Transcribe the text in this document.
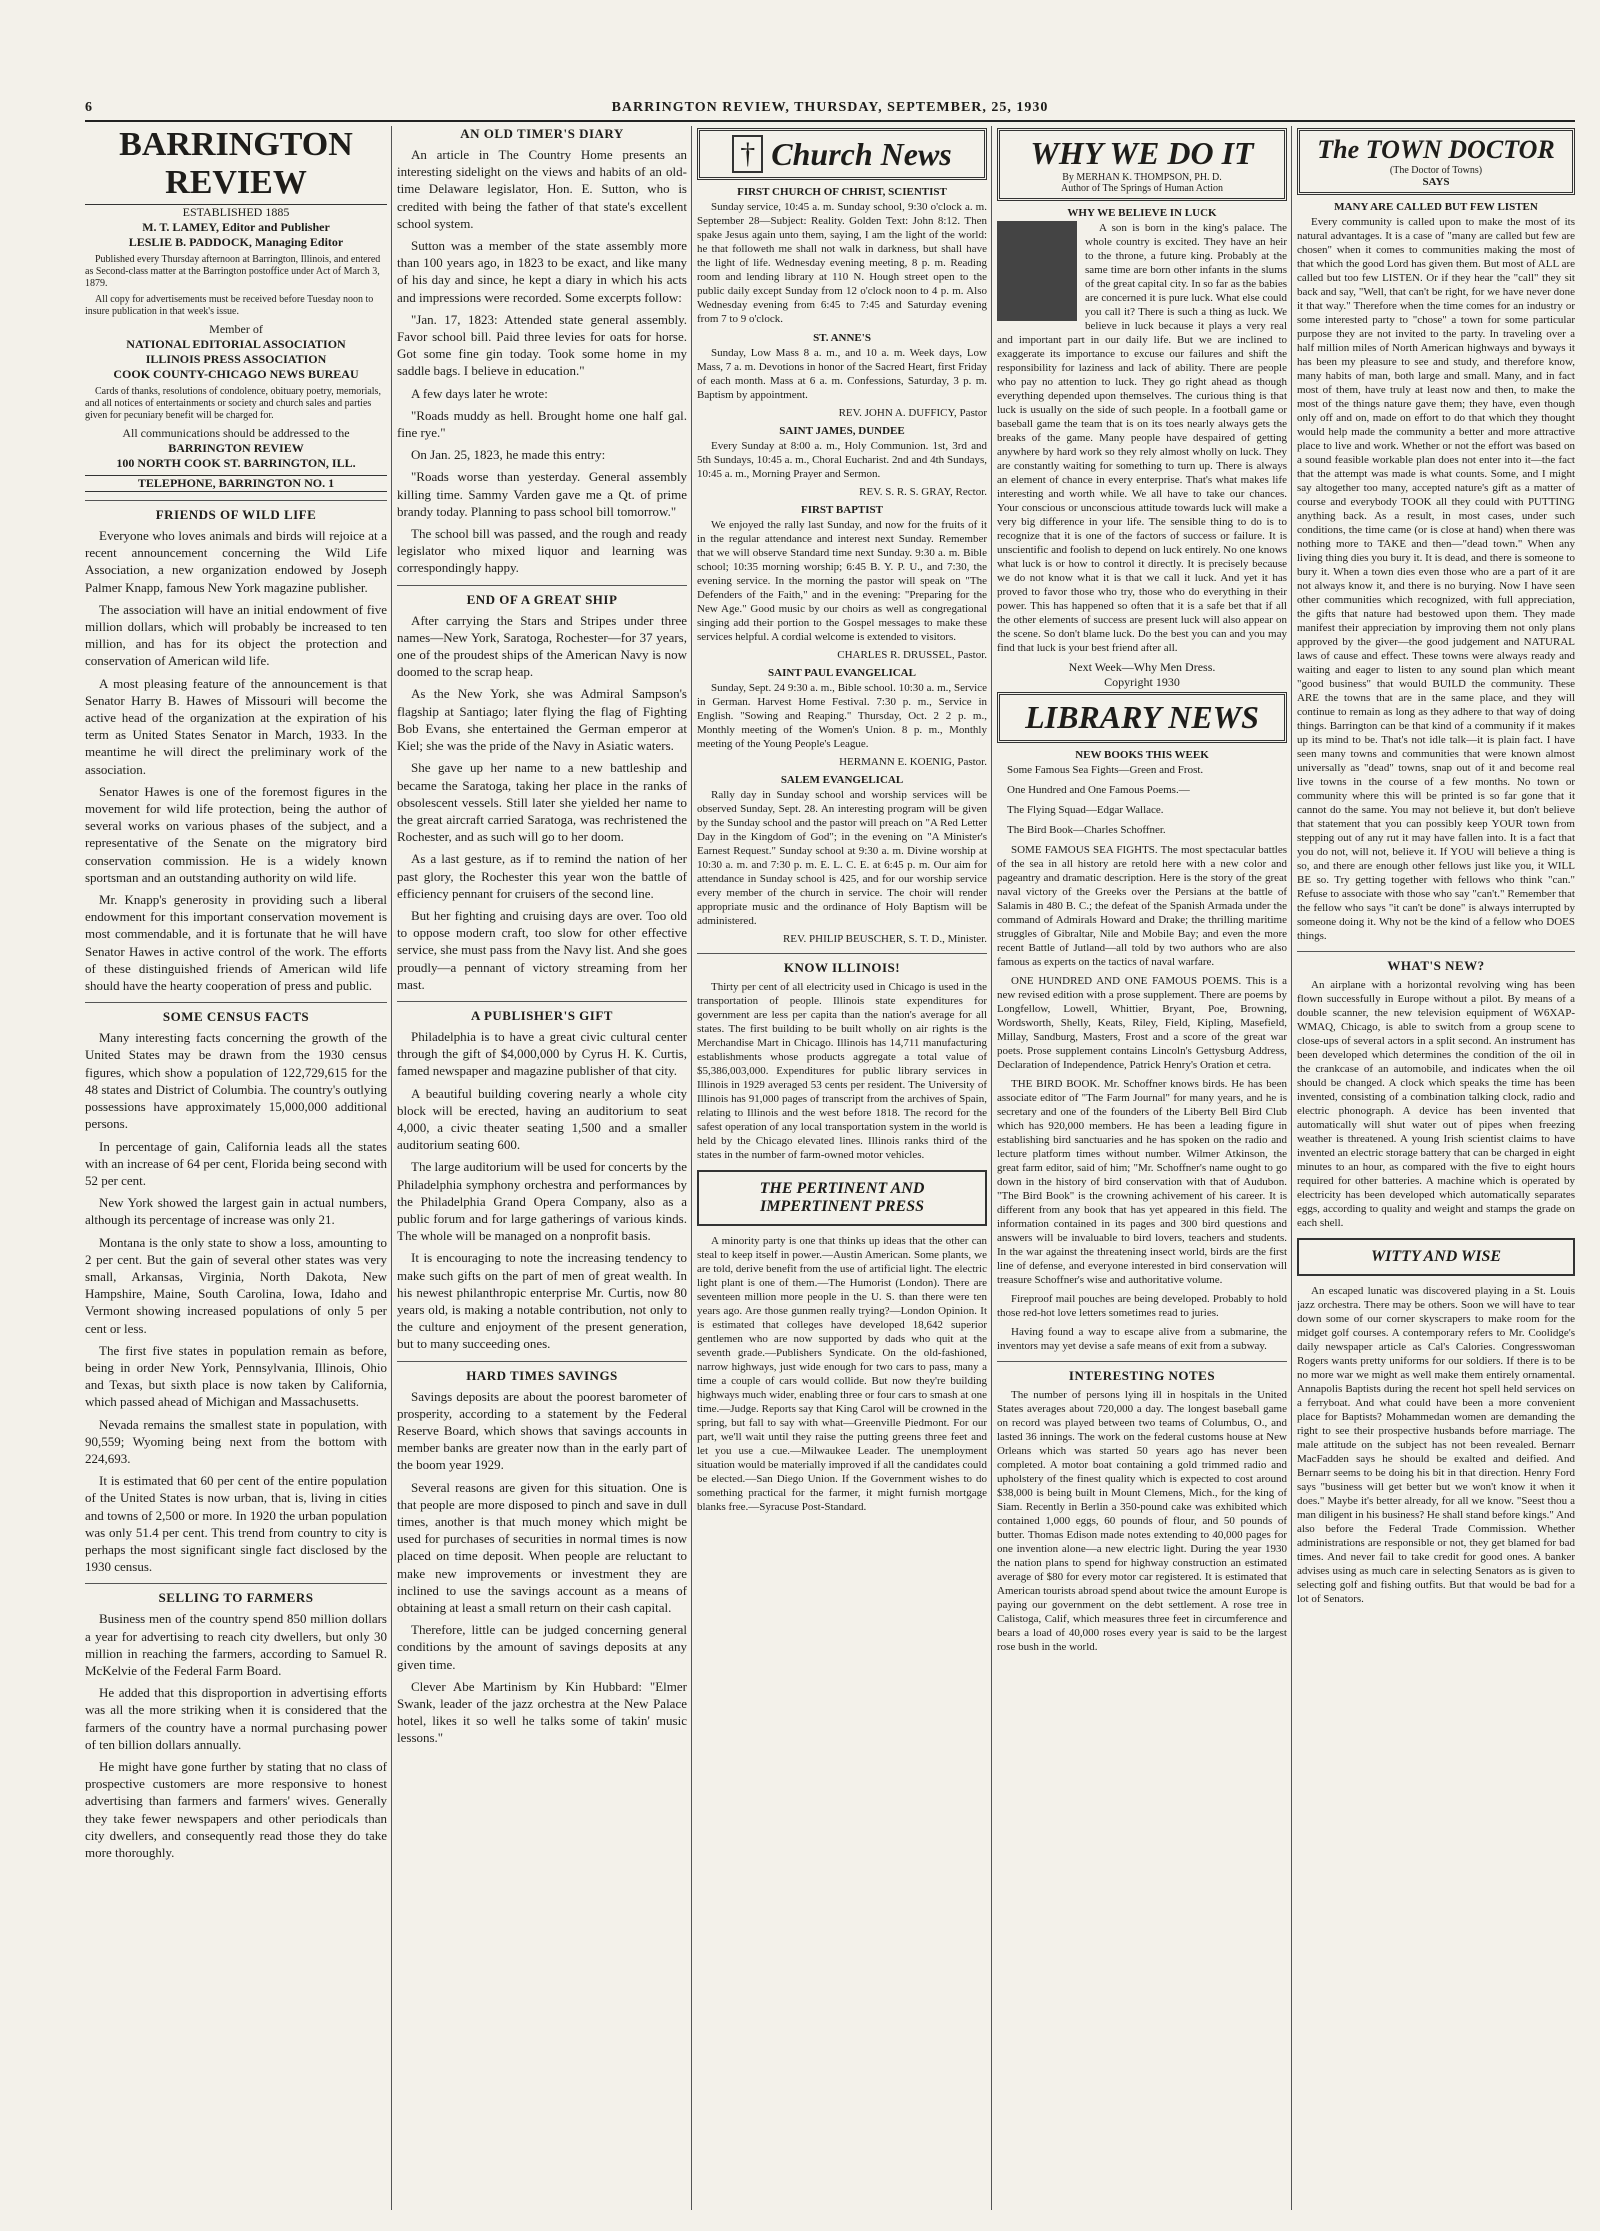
6	BARRINGTON REVIEW, THURSDAY, SEPTEMBER, 25, 1930
BARRINGTON REVIEW
ESTABLISHED 1885
M. T. LAMEY, Editor and Publisher
LESLIE B. PADDOCK, Managing Editor
Published every Thursday afternoon at Barrington, Illinois, and entered as Second-class matter at the Barrington postoffice under Act of March 3, 1879.
All copy for advertisements must be received before Tuesday noon to insure publication in that week's issue.
Member of
NATIONAL EDITORIAL ASSOCIATION
ILLINOIS PRESS ASSOCIATION
COOK COUNTY-CHICAGO NEWS BUREAU
Cards of thanks, resolutions of condolence, obituary poetry, memorials, and all notices of entertainments or society and church sales and parties given for pecuniary benefit will be charged for.
All communications should be addressed to the
BARRINGTON REVIEW
100 NORTH COOK ST. BARRINGTON, ILL.
TELEPHONE, BARRINGTON NO. 1
FRIENDS OF WILD LIFE

Everyone who loves animals and birds will rejoice at a recent announcement concerning the Wild Life Association, a new organization endowed by Joseph Palmer Knapp, famous New York magazine publisher.

The association will have an initial endowment of five million dollars, which will probably be increased to ten million, and has for its object the protection and conservation of American wild life.

A most pleasing feature of the announcement is that Senator Harry B. Hawes of Missouri will become the active head of the organization at the expiration of his term as United States Senator in March, 1933. In the meantime he will direct the preliminary work of the association.

Senator Hawes is one of the foremost figures in the movement for wild life protection, being the author of several works on various phases of the subject, and a representative of the Senate on the migratory bird conservation commission. He is a widely known sportsman and an outstanding authority on wild life.

Mr. Knapp's generosity in providing such a liberal endowment for this important conservation movement is most commendable, and it is fortunate that he will have Senator Hawes in active control of the work. The efforts of these distinguished friends of American wild life should have the hearty cooperation of press and public.

SOME CENSUS FACTS

Many interesting facts concerning the growth of the United States may be drawn from the 1930 census figures, which show a population of 122,729,615 for the 48 states and District of Columbia. The country's outlying possessions have approximately 15,000,000 additional persons.

In percentage of gain, California leads all the states with an increase of 64 per cent, Florida being second with 52 per cent.

New York showed the largest gain in actual numbers, although its percentage of increase was only 21.

Montana is the only state to show a loss, amounting to 2 per cent. But the gain of several other states was very small, Arkansas, Virginia, North Dakota, New Hampshire, Maine, South Carolina, Iowa, Idaho and Vermont showing increased populations of only 5 per cent or less.

The first five states in population remain as before, being in order New York, Pennsylvania, Illinois, Ohio and Texas, but sixth place is now taken by California, which passed ahead of Michigan and Massachusetts.

Nevada remains the smallest state in population, with 90,559; Wyoming being next from the bottom with 224,693.

It is estimated that 60 per cent of the entire population of the United States is now urban, that is, living in cities and towns of 2,500 or more. In 1920 the urban population was only 51.4 per cent. This trend from country to city is perhaps the most significant single fact disclosed by the 1930 census.

SELLING TO FARMERS

Business men of the country spend 850 million dollars a year for advertising to reach city dwellers, but only 30 million in reaching the farmers, according to Samuel R. McKelvie of the Federal Farm Board.

He added that this disproportion in advertising efforts was all the more striking when it is considered that the farmers of the country have a normal purchasing power of ten billion dollars annually.

He might have gone further by stating that no class of prospective customers are more responsive to honest advertising than farmers and farmers' wives. Generally they take fewer newspapers and other periodicals than city dwellers, and consequently read those they do take more thoroughly.

AN OLD TIMER'S DIARY

An article in The Country Home presents an interesting sidelight on the views and habits of an old-time Delaware legislator, Hon. E. Sutton, who is credited with being the father of that state's excellent school system.

Sutton was a member of the state assembly more than 100 years ago, in 1823 to be exact, and like many of his day and since, he kept a diary in which his acts and impressions were recorded. Some excerpts follow:

"Jan. 17, 1823: Attended state general assembly. Favor school bill. Paid three levies for oats for horse. Got some fine gin today. Took some home in my saddle bags. I believe in education."

A few days later he wrote:

"Roads muddy as hell. Brought home one half gal. fine rye."

On Jan. 25, 1823, he made this entry:

"Roads worse than yesterday. General assembly killing time. Sammy Varden gave me a Qt. of prime brandy today. Planning to pass school bill tomorrow."

The school bill was passed, and the rough and ready legislator who mixed liquor and learning was correspondingly happy.

END OF A GREAT SHIP

After carrying the Stars and Stripes under three names—New York, Saratoga, Rochester—for 37 years, one of the proudest ships of the American Navy is now doomed to the scrap heap.

As the New York, she was Admiral Sampson's flagship at Santiago; later flying the flag of Fighting Bob Evans, she entertained the German emperor at Kiel; she was the pride of the Navy in Asiatic waters.

She gave up her name to a new battleship and became the Saratoga, taking her place in the ranks of obsolescent vessels. Still later she yielded her name to the great aircraft carried Saratoga, was rechristened the Rochester, and as such will go to her doom.

As a last gesture, as if to remind the nation of her past glory, the Rochester this year won the battle of efficiency pennant for cruisers of the second line.

But her fighting and cruising days are over. Too old to oppose modern craft, too slow for other effective service, she must pass from the Navy list. And she goes proudly—a pennant of victory streaming from her mast.

A PUBLISHER'S GIFT

Philadelphia is to have a great civic cultural center through the gift of $4,000,000 by Cyrus H. K. Curtis, famed newspaper and magazine publisher of that city.

A beautiful building covering nearly a whole city block will be erected, having an auditorium to seat 4,000, a civic theater seating 1,500 and a smaller auditorium seating 600.

The large auditorium will be used for concerts by the Philadelphia symphony orchestra and performances by the Philadelphia Grand Opera Company, also as a public forum and for large gatherings of various kinds. The whole will be managed on a nonprofit basis.

It is encouraging to note the increasing tendency to make such gifts on the part of men of great wealth. In his newest philanthropic enterprise Mr. Curtis, now 80 years old, is making a notable contribution, not only to the culture and enjoyment of the present generation, but to many succeeding ones.

HARD TIMES SAVINGS

Savings deposits are about the poorest barometer of prosperity, according to a statement by the Federal Reserve Board, which shows that savings accounts in member banks are greater now than in the early part of the boom year 1929.

Several reasons are given for this situation. One is that people are more disposed to pinch and save in dull times, another is that much money which might be used for purchases of securities in normal times is now placed on time deposit. When people are reluctant to make new improvements or investment they are inclined to use the savings account as a means of obtaining at least a small return on their cash capital.

Therefore, little can be judged concerning general conditions by the amount of savings deposits at any given time.

Clever Abe Martinism by Kin Hubbard: "Elmer Swank, leader of the jazz orchestra at the New Palace hotel, likes it so well he talks some of takin' music lessons."

† Church News
FIRST CHURCH OF CHRIST, SCIENTIST

Sunday service, 10:45 a. m. Sunday school, 9:30 o'clock a. m. September 28—Subject: Reality. Golden Text: John 8:12. Then spake Jesus again unto them, saying, I am the light of the world: he that followeth me shall not walk in darkness, but shall have the light of life. Wednesday evening meeting, 8 p. m. Reading room and lending library at 110 N. Hough street open to the public daily except Sunday from 12 o'clock noon to 4 p. m. Also Wednesday evening from 6:45 to 7:45 and Saturday evening from 7 to 9 o'clock.

ST. ANNE'S

Sunday, Low Mass 8 a. m., and 10 a. m. Week days, Low Mass, 7 a. m. Devotions in honor of the Sacred Heart, first Friday of each month. Mass at 6 a. m. Confessions, Saturday, 3 p. m. Baptism by appointment.

REV. JOHN A. DUFFICY, Pastor
SAINT JAMES, DUNDEE

Every Sunday at 8:00 a. m., Holy Communion. 1st, 3rd and 5th Sundays, 10:45 a. m., Choral Eucharist. 2nd and 4th Sundays, 10:45 a. m., Morning Prayer and Sermon.

REV. S. R. S. GRAY, Rector.
FIRST BAPTIST

We enjoyed the rally last Sunday, and now for the fruits of it in the regular attendance and interest next Sunday. Remember that we will observe Standard time next Sunday. 9:30 a. m. Bible school; 10:35 morning worship; 6:45 B. Y. P. U., and 7:30, the evening service. In the morning the pastor will speak on "The Defenders of the Faith," and in the evening: "Preparing for the New Age." Good music by our choirs as well as congregational singing add their portion to the Gospel messages to make these services helpful. A cordial welcome is extended to visitors.

CHARLES R. DRUSSEL, Pastor.
SAINT PAUL EVANGELICAL

Sunday, Sept. 24 9:30 a. m., Bible school. 10:30 a. m., Service in German. Harvest Home Festival. 7:30 p. m., Service in English. "Sowing and Reaping." Thursday, Oct. 2 2 p. m., Monthly meeting of the Women's Union. 8 p. m., Monthly meeting of the Young People's League.

HERMANN E. KOENIG, Pastor.
SALEM EVANGELICAL

Rally day in Sunday school and worship services will be observed Sunday, Sept. 28. An interesting program will be given by the Sunday school and the pastor will preach on "A Red Letter Day in the Kingdom of God"; in the evening on "A Minister's Earnest Request." Sunday school at 9:30 a. m. Divine worship at 10:30 a. m. and 7:30 p. m. E. L. C. E. at 6:45 p. m. Our aim for attendance in Sunday school is 425, and for our worship service every member of the church in service. The choir will render appropriate music and the ordinance of Holy Baptism will be administered.

REV. PHILIP BEUSCHER, S. T. D., Minister.
KNOW ILLINOIS!

Thirty per cent of all electricity used in Chicago is used in the transportation of people. Illinois state expenditures for government are less per capita than the nation's average for all states. The first building to be built wholly on air rights is the Merchandise Mart in Chicago. Illinois has 14,711 manufacturing establishments whose products aggregate a total value of $5,386,003,000. Expenditures for public library services in Illinois in 1929 averaged 53 cents per resident. The University of Illinois has 91,000 pages of transcript from the archives of Spain, relating to Illinois and the west before 1818. The record for the safest operation of any local transportation system in the world is held by the Chicago elevated lines. Illinois ranks third of the states in the number of farm-owned motor vehicles.

THE PERTINENT AND IMPERTINENT PRESS

A minority party is one that thinks up ideas that the other can steal to keep itself in power.—Austin American. Some plants, we are told, derive benefit from the use of artificial light. The electric light plant is one of them.—The Humorist (London). There are seventeen million more people in the U. S. than there were ten years ago. Are those gunmen really trying?—London Opinion. It is estimated that colleges have developed 18,642 superior gentlemen who are now supported by dads who quit at the seventh grade.—Publishers Syndicate. On the old-fashioned, narrow highways, just wide enough for two cars to pass, many a time a couple of cars would collide. But now they're building highways much wider, enabling three or four cars to smash at one time.—Judge. Reports say that King Carol will be crowned in the spring, but fall to say with what—Greenville Piedmont. For our part, we'll wait until they raise the putting greens three feet and let you use a cue.—Milwaukee Leader. The unemployment situation would be materially improved if all the candidates could be elected.—San Diego Union. If the Government wishes to do something practical for the farmer, it might furnish mortgage blanks free.—Syracuse Post-Standard.

WHY WE DO IT
By MERHAN K. THOMPSON, PH. D.
Author of The Springs of Human Action
WHY WE BELIEVE IN LUCK

A son is born in the king's palace. The whole country is excited. They have an heir to the throne, a future king. Probably at the same time are born other infants in the slums of the great capital city. In so far as the babies are concerned it is pure luck. What else could you call it? There is such a thing as luck. We believe in luck because it plays a very real and important part in our daily life. But we are inclined to exaggerate its importance to excuse our failures and shift the responsibility for laziness and lack of ability. There are people who pay no attention to luck. They go right ahead as though everything depended upon themselves. The curious thing is that luck is usually on the side of such people. In a football game or baseball game the team that is on its toes nearly always gets the breaks of the game. Many people have despaired of getting anywhere by hard work so they rely almost wholly on luck. They are constantly waiting for something to turn up. There is always an element of chance in every enterprise. That's what makes life interesting and worth while. We all have to take our chances. Your conscious or unconscious attitude towards luck will make a very big difference in your life. The sensible thing to do is to recognize that it is one of the factors of success or failure. It is unscientific and foolish to depend on luck entirely. No one knows what luck is or how to control it directly. It is precisely because we do not know what it is that we call it luck. And yet it has proved to favor those who try, those who do everything in their power. This has happened so often that it is a safe bet that if all the other elements of success are present luck will also appear on the scene. So don't blame luck. Do the best you can and you may find that luck is your best friend after all.

Next Week—Why Men Dress.
Copyright 1930
LIBRARY NEWS
NEW BOOKS THIS WEEK
Some Famous Sea Fights—Green and Frost.
One Hundred and One Famous Poems.—
The Flying Squad—Edgar Wallace.
The Bird Book—Charles Schoffner.

SOME FAMOUS SEA FIGHTS. The most spectacular battles of the sea in all history are retold here with a new color and pageantry and dramatic description. Here is the story of the great naval victory of the Greeks over the Persians at the battle of Salamis in 480 B. C.; the defeat of the Spanish Armada under the command of Admirals Howard and Drake; the thrilling maritime struggles of Gibraltar, Nile and Mobile Bay; and even the more recent Battle of Jutland—all told by two authors who are also famous as experts on the tactics of naval warfare.

ONE HUNDRED AND ONE FAMOUS POEMS. This is a new revised edition with a prose supplement. There are poems by Longfellow, Lowell, Whittier, Bryant, Poe, Browning, Wordsworth, Shelly, Keats, Riley, Field, Kipling, Masefield, Millay, Sandburg, Masters, Frost and a score of the great war poets. Prose supplement contains Lincoln's Gettysburg Address, Declaration of Independence, Patrick Henry's Oration et cetra.

THE BIRD BOOK. Mr. Schoffner knows birds. He has been associate editor of "The Farm Journal" for many years, and he is secretary and one of the founders of the Liberty Bell Bird Club which has 920,000 members. He has been a leading figure in establishing bird sanctuaries and he has spoken on the radio and lecture platform times without number. Wilmer Atkinson, the great farm editor, said of him; "Mr. Schoffner's name ought to go down in the history of bird conservation with that of Audubon. "The Bird Book" is the crowning achivement of his career. It is different from any book that has yet appeared in this field. The information contained in its pages and 300 bird questions and answers will be invaluable to bird lovers, teachers and students. In the war against the threatening insect world, birds are the first line of defense, and everyone interested in bird conservation will treasure Schoffner's wise and authoritative volume.

Fireproof mail pouches are being developed. Probably to hold those red-hot love letters sometimes read to juries.

Having found a way to escape alive from a submarine, the inventors may yet devise a safe means of exit from a subway.

INTERESTING NOTES

The number of persons lying ill in hospitals in the United States averages about 720,000 a day. The longest baseball game on record was played between two teams of Columbus, O., and lasted 36 innings. The work on the federal customs house at New Orleans which was started 50 years ago has never been completed. A motor boat containing a gold trimmed radio and upholstery of the finest quality which is expected to cost around $38,000 is being built in Mount Clemens, Mich., for the king of Siam. Recently in Berlin a 350-pound cake was exhibited which contained 1,000 eggs, 60 pounds of flour, and 50 pounds of butter. Thomas Edison made notes extending to 40,000 pages for one invention alone—a new electric light. During the year 1930 the nation plans to spend for highway construction an estimated average of $80 for every motor car registered. It is estimated that American tourists abroad spend about twice the amount Europe is paying our government on the debt settlement. A rose tree in Calistoga, Calif, which measures three feet in circumference and bears a load of 40,000 roses every year is said to be the largest rose bush in the world.

The TOWN DOCTOR
(The Doctor of Towns)
SAYS
MANY ARE CALLED BUT FEW LISTEN

Every community is called upon to make the most of its natural advantages. It is a case of "many are called but few are chosen" when it comes to communities making the most of that which the good Lord has given them. But most of ALL are called but too few LISTEN. Or if they hear the "call" they sit back and say, "Well, that can't be right, for we have never done it that way." Therefore when the time comes for an industry or some interested party to "chose" a town for some particular purpose they are not invited to the party. In traveling over a half million miles of North American highways and byways it has been my pleasure to see and study, and therefore know, many habits of man, both large and small. Many, and in fact most of them, have truly at least now and then, to make the most of the things nature gave them; they have, even though only off and on, made on effort to do that which they thought would help made the community a better and more attractive place to live and work. Whether or not the effort was based on a sound feasible workable plan does not enter into it—the fact that the attempt was made is what counts. Some, and I might say altogether too many, accepted nature's gift as a matter of course and everybody TOOK all they could with PUTTING anything back. As a result, in most cases, under such conditions, the time came (or is close at hand) when there was nothing more to TAKE and then—"dead town." When any living thing dies you bury it. It is dead, and there is someone to bury it. When a town dies even those who are a part of it are not always know it, and there is no burying. Now I have seen other communities which recognized, with full appreciation, the gifts that nature had bestowed upon them. They made manifest their appreciation by improving them not only plans approved by the giver—the good judgement and NATURAL laws of cause and effect. These towns were always ready and waiting and eager to listen to any sound plan which meant "good business" that would BUILD the community. These ARE the towns that are in the same place, and they will continue to remain as long as they adhere to that way of doing things. Barrington can be that kind of a community if it makes up its mind to be. That's not idle talk—it is plain fact. I have seen many towns and communities that were known almost universally as "dead" towns, snap out of it and become real live towns in the course of a few months. No town or community where this will be printed is so far gone that it cannot do the same. You may not believe it, but don't believe that statement that you can possibly keep YOUR town from stepping out of any rut it may have fallen into. It is a fact that you do not, will not, believe it. If YOU will believe a thing is so, and there are enough other fellows just like you, it WILL BE so. Try getting together with fellows who think "can." Refuse to associate with those who say "can't." Remember that the fellow who says "it can't be done" is always interrupted by someone doing it. Why not be the kind of a fellow who DOES things.

WHAT'S NEW?

An airplane with a horizontal revolving wing has been flown successfully in Europe without a pilot. By means of a double scanner, the new television equipment of W6XAP-WMAQ, Chicago, is able to switch from a group scene to close-ups of several actors in a split second. An instrument has been developed which determines the condition of the oil in the crankcase of an automobile, and indicates when the oil should be changed. A clock which speaks the time has been invented, consisting of a combination talking clock, radio and electric phonograph. A device has been invented that automatically will shut water out of pipes when freezing weather is threatened. A young Irish scientist claims to have invented an electric storage battery that can be charged in eight minutes to an hour, as compared with the five to eight hours required for other batteries. A machine which is operated by electricity has been developed which automatically separates eggs, according to quality and weight and stamps the grade on each shell.

WITTY AND WISE

An escaped lunatic was discovered playing in a St. Louis jazz orchestra. There may be others. Soon we will have to tear down some of our corner skyscrapers to make room for the midget golf courses. A contemporary refers to Mr. Coolidge's daily newspaper article as Cal's Calories. Congresswoman Rogers wants pretty uniforms for our soldiers. If there is to be no more war we might as well make them entirely ornamental. Annapolis Baptists during the recent hot spell held services on a ferryboat. And what could have been a more convenient place for Baptists? Mohammedan women are demanding the right to see their prospective husbands before marriage. The male attitude on the subject has not been revealed. Bernarr MacFadden says he should be exalted and deified. And Bernarr seems to be doing his bit in that direction. Henry Ford says "business will get better but we won't know it when it does." Maybe it's better already, for all we know. "Seest thou a man diligent in his business? He shall stand before kings." And also before the Federal Trade Commission. Whether administrations are responsible or not, they get blamed for bad times. And never fail to take credit for good ones. A banker advises using as much care in selecting Senators as is given to selecting golf and fishing outfits. But that would be bad for a lot of Senators.
